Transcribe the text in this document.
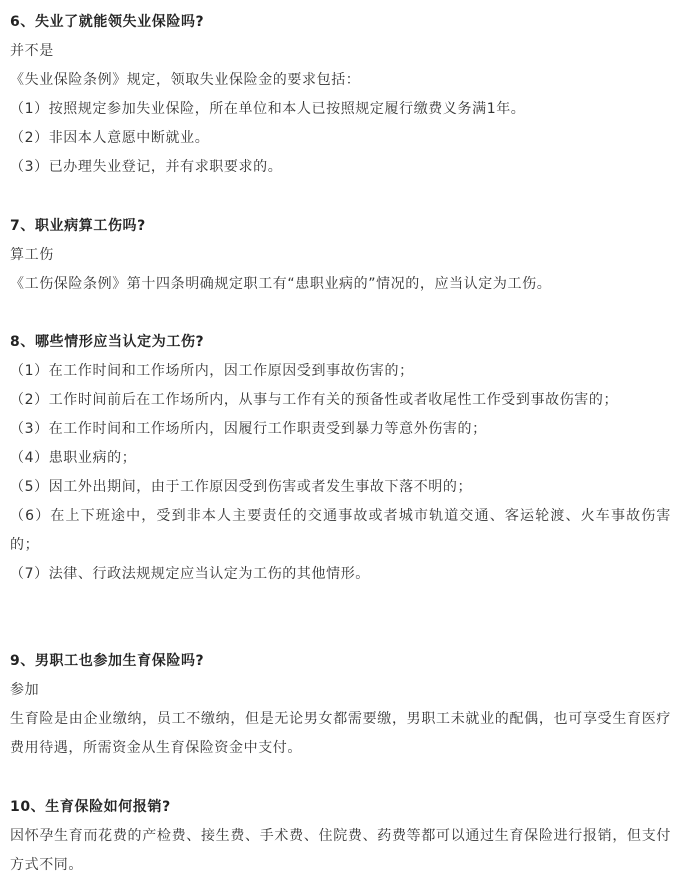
6、失业了就能领失业保险吗?
并不是
《失业保险条例》规定，领取失业保险金的要求包括：
（1）按照规定参加失业保险，所在单位和本人已按照规定履行缴费义务满1年。
（2）非因本人意愿中断就业。
（3）已办理失业登记，并有求职要求的。
7、职业病算工伤吗?
算工伤
《工伤保险条例》第十四条明确规定职工有“患职业病的”情况的，应当认定为工伤。
8、哪些情形应当认定为工伤?
（1）在工作时间和工作场所内，因工作原因受到事故伤害的；
（2）工作时间前后在工作场所内，从事与工作有关的预备性或者收尾性工作受到事故伤害的；
（3）在工作时间和工作场所内，因履行工作职责受到暴力等意外伤害的；
（4）患职业病的；
（5）因工外出期间，由于工作原因受到伤害或者发生事故下落不明的；
（6）在上下班途中，受到非本人主要责任的交通事故或者城市轨道交通、客运轮渡、火车事故伤害的；
（7）法律、行政法规规定应当认定为工伤的其他情形。
9、男职工也参加生育保险吗?
参加
生育险是由企业缴纳，员工不缴纳，但是无论男女都需要缴，男职工未就业的配偶，也可享受生育医疗费用待遇，所需资金从生育保险资金中支付。
10、生育保险如何报销?
因怀孕生育而花费的产检费、接生费、手术费、住院费、药费等都可以通过生育保险进行报销，但支付方式不同。
